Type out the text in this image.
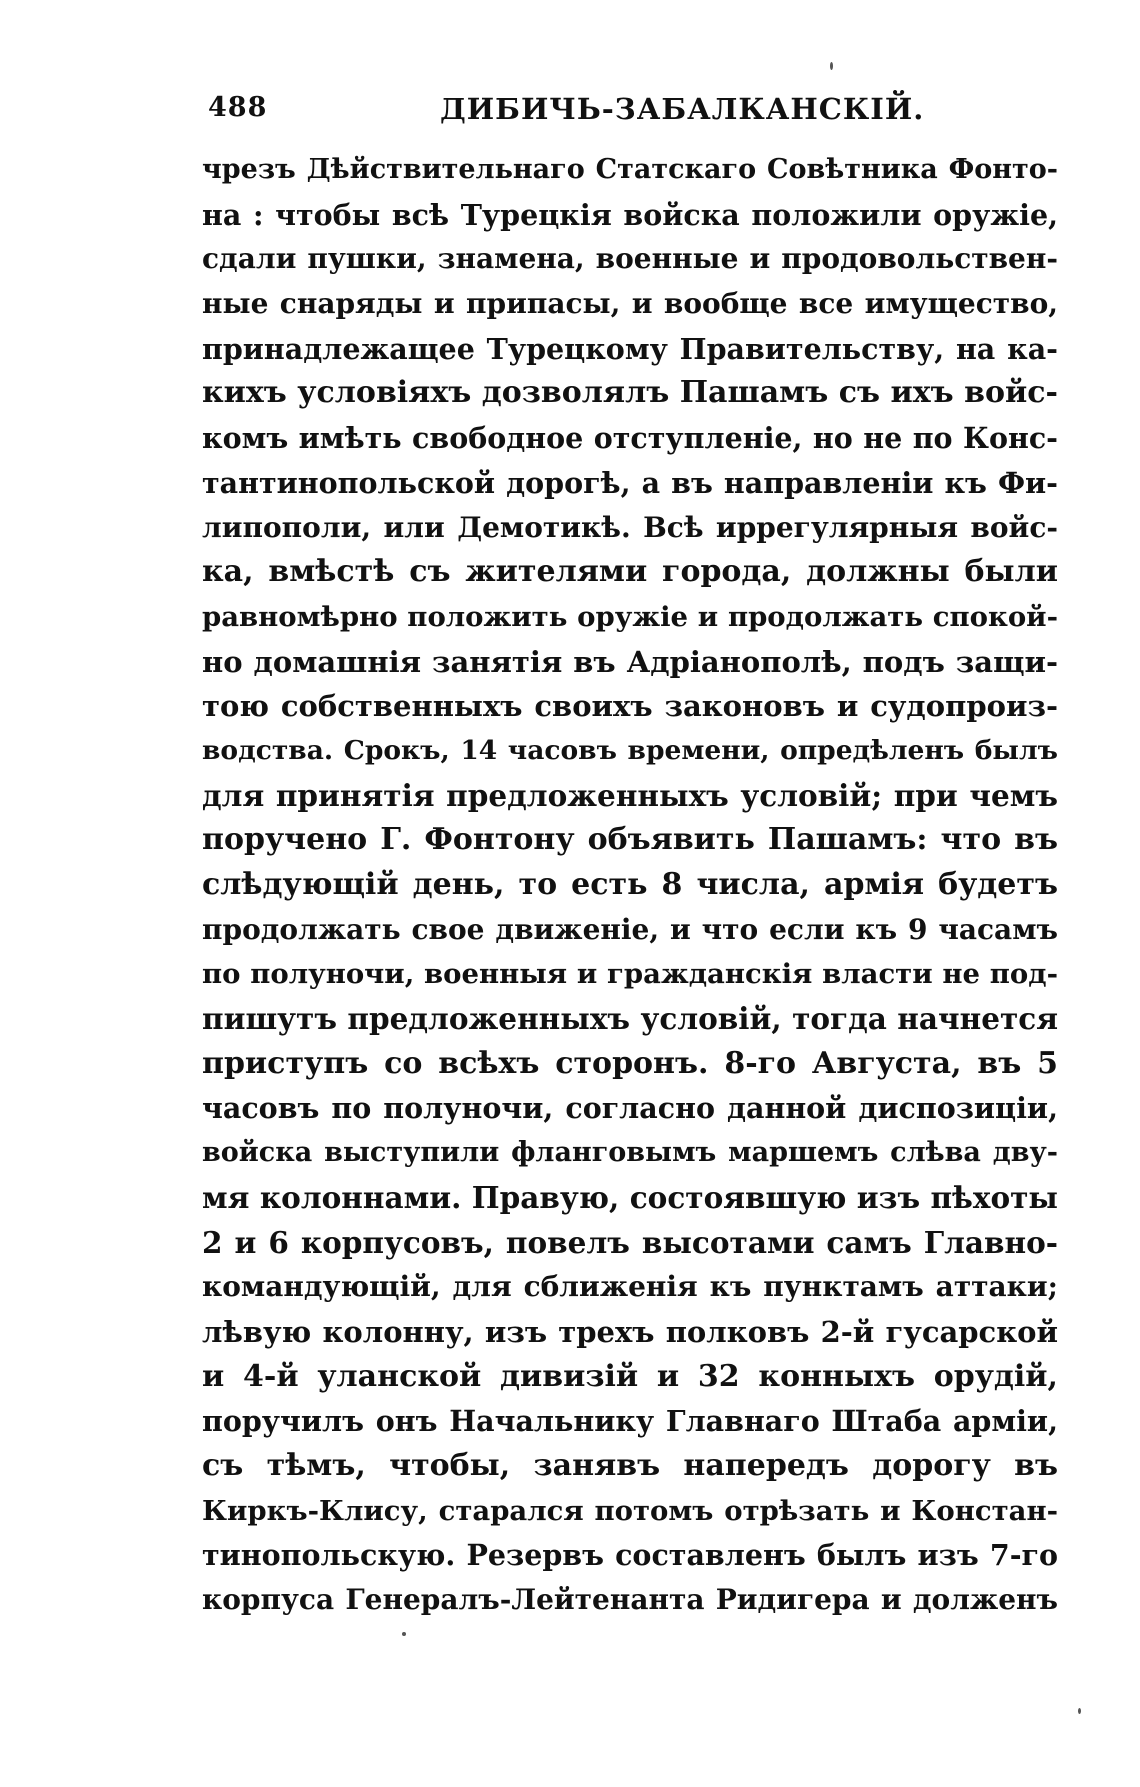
488	ДИБИЧЬ-ЗАБАЛКАНСКІЙ.
чрезъ Дѣйствительнаго Статскаго Совѣтника Фонто-
на : чтобы всѣ Турецкія войска положили оружіе,
сдали пушки, знамена, военные и продовольствен-
ные снаряды и припасы, и вообще все имущество,
принадлежащее Турецкому Правительству, на ка-
кихъ условіяхъ дозволялъ Пашамъ съ ихъ войс-
комъ имѣть свободное отступленіе, но не по Конс-
тантинопольской дорогѣ, а въ направленіи къ Фи-
липополи, или Демотикѣ. Всѣ иррегулярныя войс-
ка, вмѣстѣ съ жителями города, должны были
равномѣрно положить оружіе и продолжать спокой-
но домашнія занятія въ Адріанополѣ, подъ защи-
тою собственныхъ своихъ законовъ и судопроиз-
водства. Срокъ, 14 часовъ времени, опредѣленъ былъ
для принятія предложенныхъ условій; при чемъ
поручено Г. Фонтону объявить Пашамъ: что въ
слѣдующій день, то есть 8 числа, армія будетъ
продолжать свое движеніе, и что если къ 9 часамъ
по полуночи, военныя и гражданскія власти не под-
пишутъ предложенныхъ условій, тогда начнется
приступъ со всѣхъ сторонъ. 8-го Августа, въ 5
часовъ по полуночи, согласно данной диспозиціи,
войска выступили фланговымъ маршемъ слѣва дву-
мя колоннами. Правую, состоявшую изъ пѣхоты
2 и 6 корпусовъ, повелъ высотами самъ Главно-
командующій, для сближенія къ пунктамъ аттаки;
лѣвую колонну, изъ трехъ полковъ 2-й гусарской
и 4-й уланской дивизій и 32 конныхъ орудій,
поручилъ онъ Начальнику Главнаго Штаба арміи,
съ тѣмъ, чтобы, занявъ напередъ дорогу въ
Киркъ-Клису, старался потомъ отрѣзать и Констан-
тинопольскую. Резервъ составленъ былъ изъ 7-го
корпуса Генералъ-Лейтенанта Ридигера и долженъ
